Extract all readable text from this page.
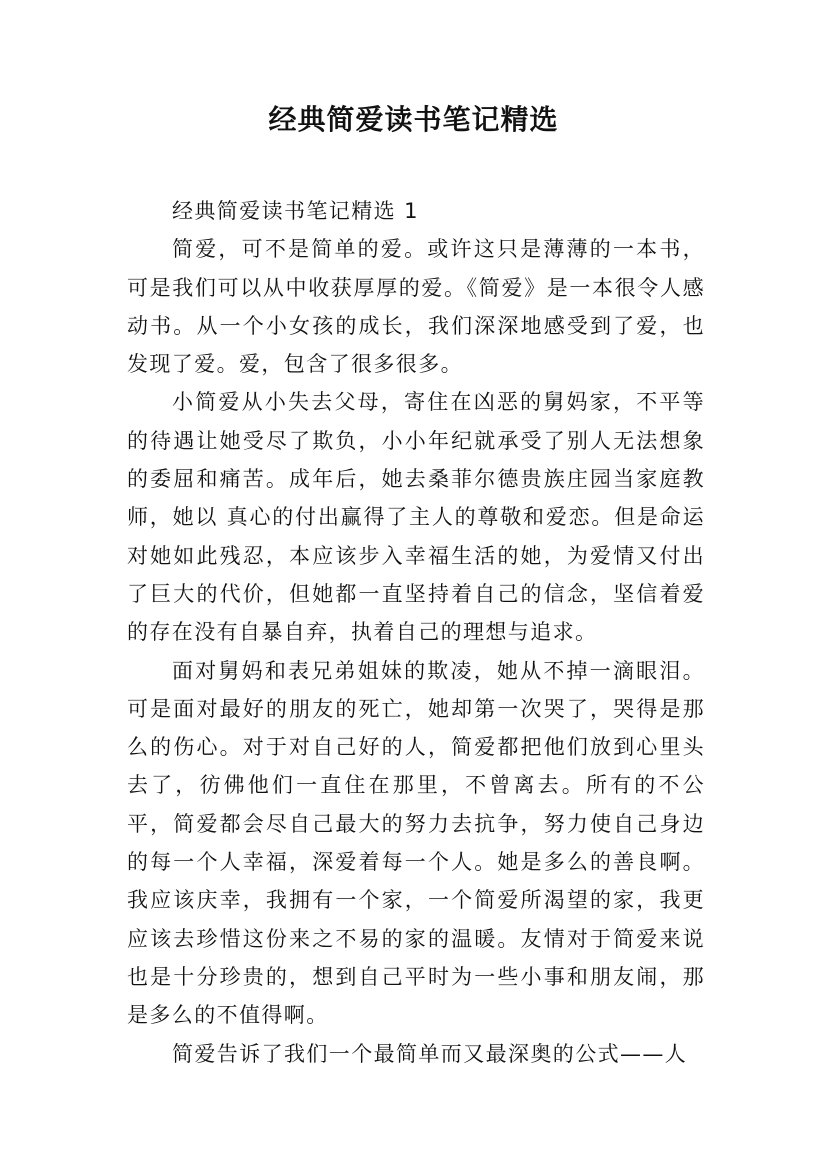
经典简爱读书笔记精选

经典简爱读书笔记精选 1

简爱，可不是简单的爱。或许这只是薄薄的一本书，可是我们可以从中收获厚厚的爱。《简爱》是一本很令人感动书。从一个小女孩的成长，我们深深地感受到了爱，也发现了爱。爱，包含了很多很多。

小简爱从小失去父母，寄住在凶恶的舅妈家，不平等的待遇让她受尽了欺负，小小年纪就承受了别人无法想象的委屈和痛苦。成年后，她去桑菲尔德贵族庄园当家庭教师，她以 真心的付出赢得了主人的尊敬和爱恋。但是命运对她如此残忍，本应该步入幸福生活的她，为爱情又付出了巨大的代价，但她都一直坚持着自己的信念，坚信着爱的存在没有自暴自弃，执着自己的理想与追求。

面对舅妈和表兄弟姐妹的欺凌，她从不掉一滴眼泪。可是面对最好的朋友的死亡，她却第一次哭了，哭得是那么的伤心。对于对自己好的人，简爱都把他们放到心里头去了，彷佛他们一直住在那里，不曾离去。所有的不公平，简爱都会尽自己最大的努力去抗争，努力使自己身边的每一个人幸福，深爱着每一个人。她是多么的善良啊。我应该庆幸，我拥有一个家，一个简爱所渴望的家，我更应该去珍惜这份来之不易的家的温暖。友情对于简爱来说也是十分珍贵的，想到自己平时为一些小事和朋友闹，那是多么的不值得啊。

简爱告诉了我们一个最简单而又最深奥的公式——人
